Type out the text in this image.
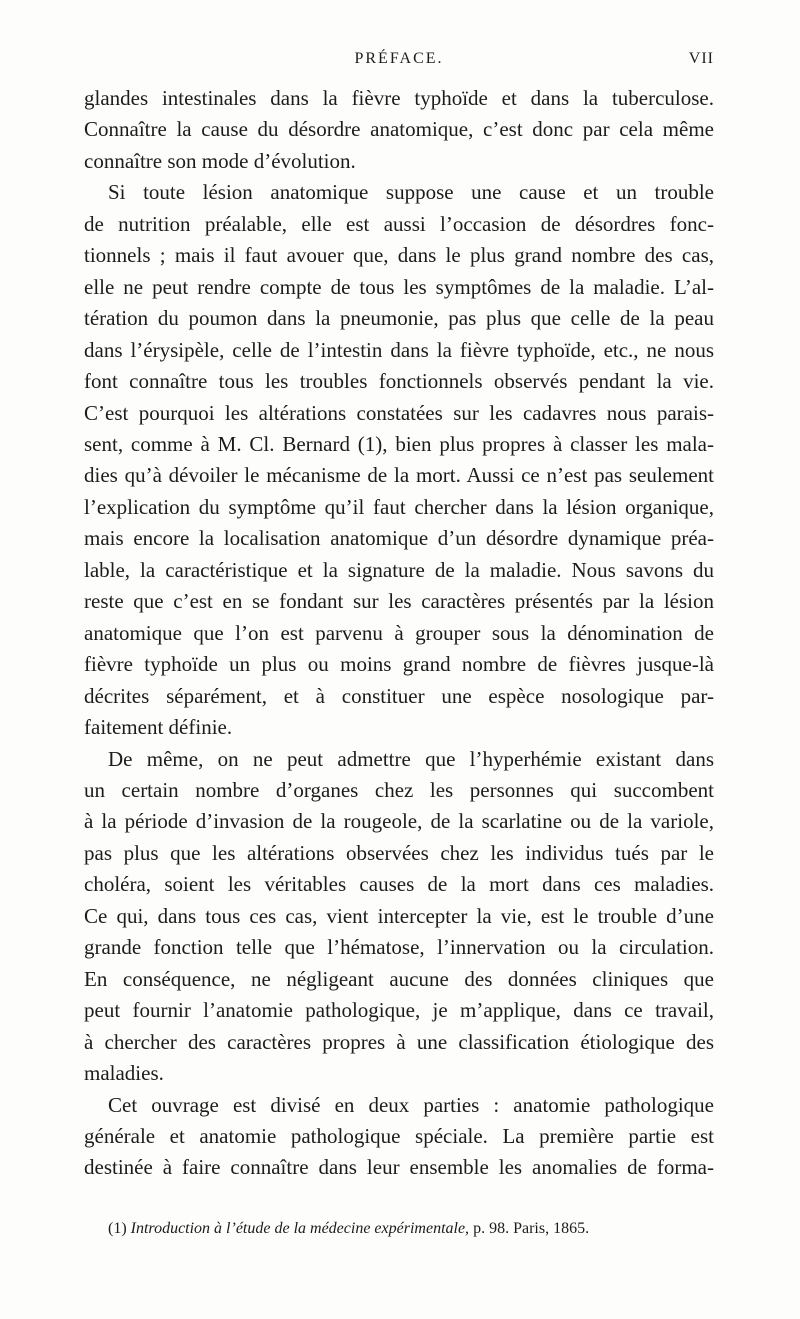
PRÉFACE.	VII

glandes intestinales dans la fièvre typhoïde et dans la tuberculose.
Connaître la cause du désordre anatomique, c’est donc par cela même
connaître son mode d’évolution.

Si toute lésion anatomique suppose une cause et un trouble
de nutrition préalable, elle est aussi l’occasion de désordres fonc-
tionnels ; mais il faut avouer que, dans le plus grand nombre des cas,
elle ne peut rendre compte de tous les symptômes de la maladie. L’al-
tération du poumon dans la pneumonie, pas plus que celle de la peau
dans l’érysipèle, celle de l’intestin dans la fièvre typhoïde, etc., ne nous
font connaître tous les troubles fonctionnels observés pendant la vie.
C’est pourquoi les altérations constatées sur les cadavres nous parais-
sent, comme à M. Cl. Bernard (1), bien plus propres à classer les mala-
dies qu’à dévoiler le mécanisme de la mort. Aussi ce n’est pas seulement
l’explication du symptôme qu’il faut chercher dans la lésion organique,
mais encore la localisation anatomique d’un désordre dynamique préa-
lable, la caractéristique et la signature de la maladie. Nous savons du
reste que c’est en se fondant sur les caractères présentés par la lésion
anatomique que l’on est parvenu à grouper sous la dénomination de
fièvre typhoïde un plus ou moins grand nombre de fièvres jusque-là
décrites séparément, et à constituer une espèce nosologique par-
faitement définie.

De même, on ne peut admettre que l’hyperhémie existant dans
un certain nombre d’organes chez les personnes qui succombent
à la période d’invasion de la rougeole, de la scarlatine ou de la variole,
pas plus que les altérations observées chez les individus tués par le
choléra, soient les véritables causes de la mort dans ces maladies.
Ce qui, dans tous ces cas, vient intercepter la vie, est le trouble d’une
grande fonction telle que l’hématose, l’innervation ou la circulation.
En conséquence, ne négligeant aucune des données cliniques que
peut fournir l’anatomie pathologique, je m’applique, dans ce travail,
à chercher des caractères propres à une classification étiologique des
maladies.

Cet ouvrage est divisé en deux parties : anatomie pathologique
générale et anatomie pathologique spéciale. La première partie est
destinée à faire connaître dans leur ensemble les anomalies de forma-

(1) Introduction à l’étude de la médecine expérimentale, p. 98. Paris, 1865.
